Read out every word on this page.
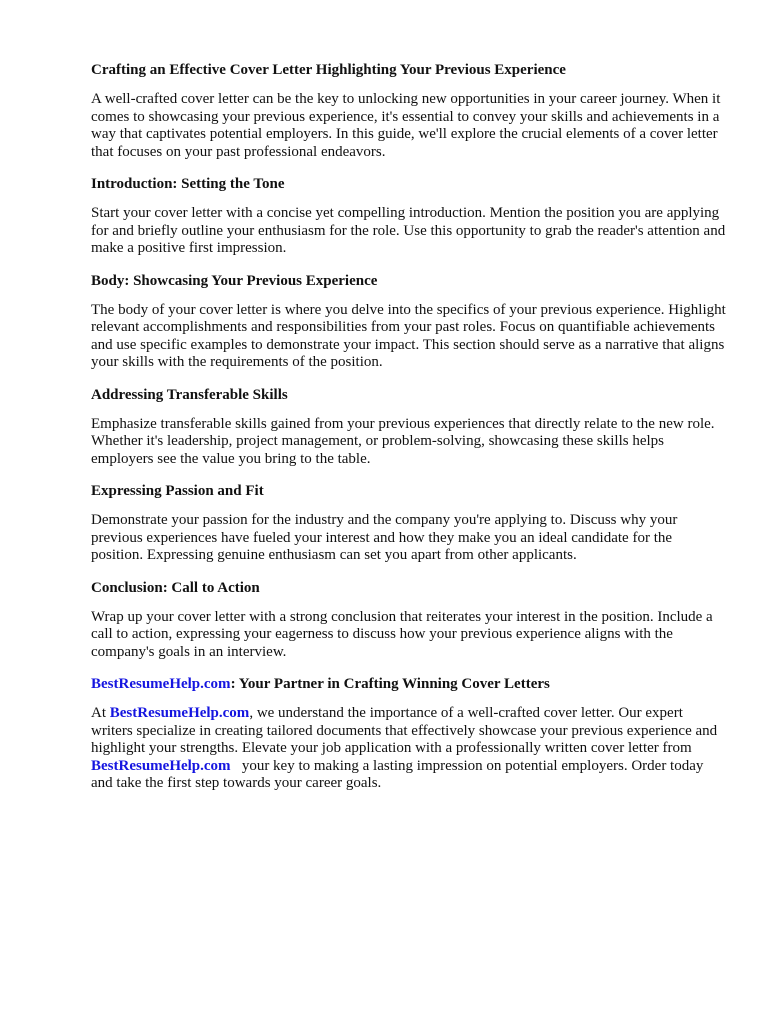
Crafting an Effective Cover Letter Highlighting Your Previous Experience

A well-crafted cover letter can be the key to unlocking new opportunities in your career journey. When it comes to showcasing your previous experience, it's essential to convey your skills and achievements in a way that captivates potential employers. In this guide, we'll explore the crucial elements of a cover letter that focuses on your past professional endeavors.

Introduction: Setting the Tone

Start your cover letter with a concise yet compelling introduction. Mention the position you are applying for and briefly outline your enthusiasm for the role. Use this opportunity to grab the reader's attention and make a positive first impression.

Body: Showcasing Your Previous Experience

The body of your cover letter is where you delve into the specifics of your previous experience. Highlight relevant accomplishments and responsibilities from your past roles. Focus on quantifiable achievements and use specific examples to demonstrate your impact. This section should serve as a narrative that aligns your skills with the requirements of the position.

Addressing Transferable Skills

Emphasize transferable skills gained from your previous experiences that directly relate to the new role. Whether it's leadership, project management, or problem-solving, showcasing these skills helps employers see the value you bring to the table.

Expressing Passion and Fit

Demonstrate your passion for the industry and the company you're applying to. Discuss why your previous experiences have fueled your interest and how they make you an ideal candidate for the position. Expressing genuine enthusiasm can set you apart from other applicants.

Conclusion: Call to Action

Wrap up your cover letter with a strong conclusion that reiterates your interest in the position. Include a call to action, expressing your eagerness to discuss how your previous experience aligns with the company's goals in an interview.

BestResumeHelp.com: Your Partner in Crafting Winning Cover Letters

At BestResumeHelp.com, we understand the importance of a well-crafted cover letter. Our expert writers specialize in creating tailored documents that effectively showcase your previous experience and highlight your strengths. Elevate your job application with a professionally written cover letter from BestResumeHelp.com   your key to making a lasting impression on potential employers. Order today and take the first step towards your career goals.
